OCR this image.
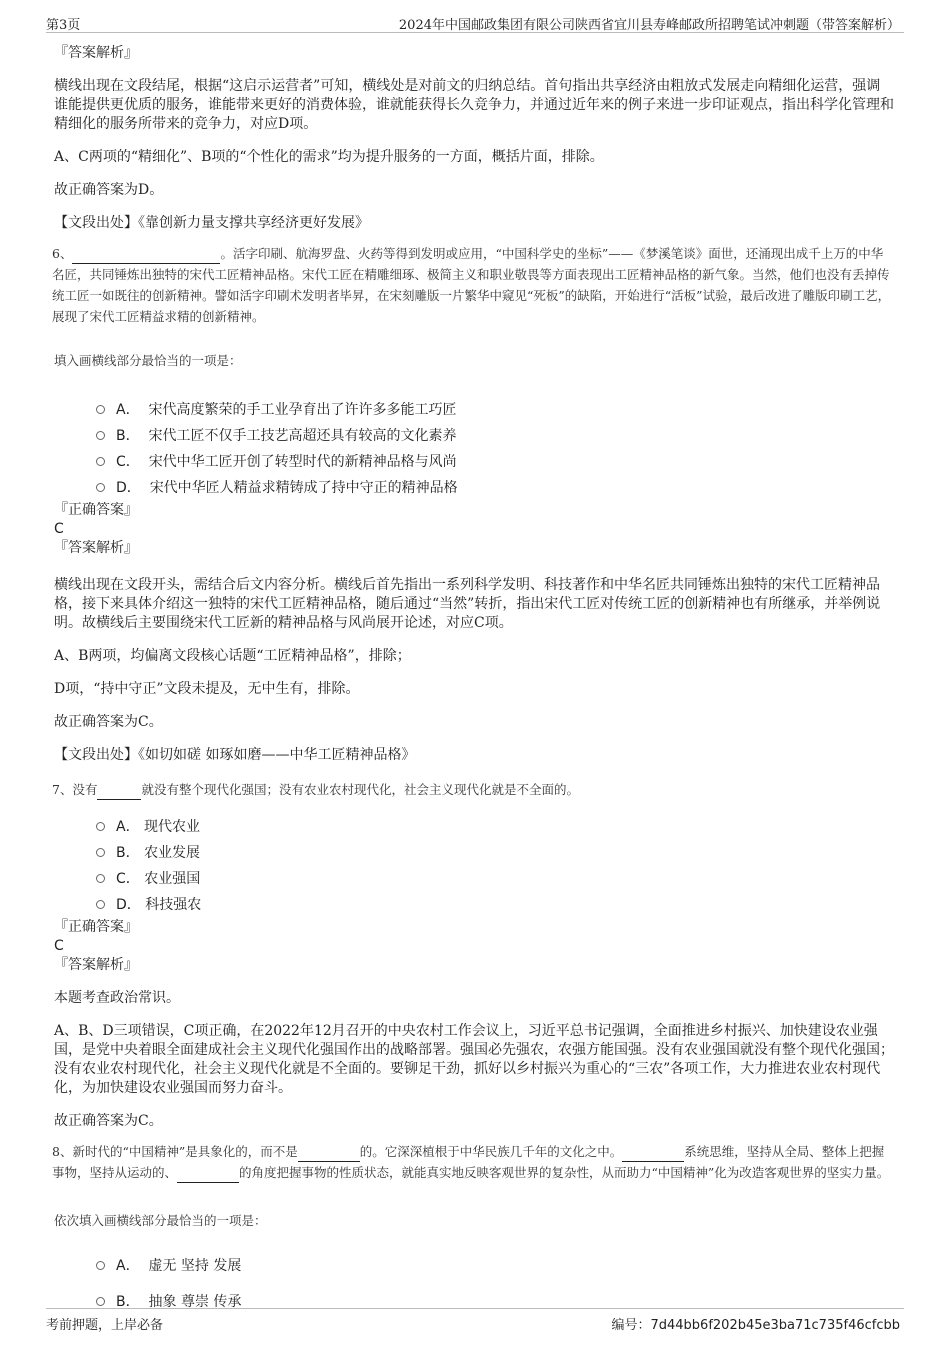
第3页	2024年中国邮政集团有限公司陕西省宜川县寿峰邮政所招聘笔试冲刺题（带答案解析）

『答案解析』

横线出现在文段结尾，根据“这启示运营者”可知，横线处是对前文的归纳总结。首句指出共享经济由粗放式发展走向精细化运营，强调谁能提供更优质的服务，谁能带来更好的消费体验，谁就能获得长久竞争力，并通过近年来的例子来进一步印证观点，指出科学化管理和精细化的服务所带来的竞争力，对应D项。

A、C两项的“精细化”、B项的“个性化的需求”均为提升服务的一方面，概括片面，排除。

故正确答案为D。

【文段出处】《靠创新力量支撑共享经济更好发展》

6、	。活字印刷、航海罗盘、火药等得到发明或应用，“中国科学史的坐标”——《梦溪笔谈》面世，还涌现出成千上万的中华名匠，共同锤炼出独特的宋代工匠精神品格。宋代工匠在精雕细琢、极简主义和职业敬畏等方面表现出工匠精神品格的新气象。当然，他们也没有丢掉传统工匠一如既往的创新精神。譬如活字印刷术发明者毕昇，在宋刻雕版一片繁华中窥见“死板”的缺陷，开始进行“活板”试验，最后改进了雕版印刷工艺，展现了宋代工匠精益求精的创新精神。

填入画横线部分最恰当的一项是：

A． 宋代高度繁荣的手工业孕育出了许许多多能工巧匠
B． 宋代工匠不仅手工技艺高超还具有较高的文化素养
C． 宋代中华工匠开创了转型时代的新精神品格与风尚
D． 宋代中华匠人精益求精铸成了持中守正的精神品格

『正确答案』

C

『答案解析』

横线出现在文段开头，需结合后文内容分析。横线后首先指出一系列科学发明、科技著作和中华名匠共同锤炼出独特的宋代工匠精神品格，接下来具体介绍这一独特的宋代工匠精神品格，随后通过“当然”转折，指出宋代工匠对传统工匠的创新精神也有所继承，并举例说明。故横线后主要围绕宋代工匠新的精神品格与风尚展开论述，对应C项。

A、B两项，均偏离文段核心话题“工匠精神品格”，排除；

D项，“持中守正”文段未提及，无中生有，排除。

故正确答案为C。

【文段出处】《如切如磋 如琢如磨——中华工匠精神品格》

7、没有	就没有整个现代化强国；没有农业农村现代化，社会主义现代化就是不全面的。

A． 现代农业
B． 农业发展
C． 农业强国
D． 科技强农

『正确答案』

C

『答案解析』

本题考查政治常识。

A、B、D三项错误，C项正确，在2022年12月召开的中央农村工作会议上，习近平总书记强调，全面推进乡村振兴、加快建设农业强国，是党中央着眼全面建成社会主义现代化强国作出的战略部署。强国必先强农，农强方能国强。没有农业强国就没有整个现代化强国；没有农业农村现代化，社会主义现代化就是不全面的。要铆足干劲，抓好以乡村振兴为重心的“三农”各项工作，大力推进农业农村现代化，为加快建设农业强国而努力奋斗。

故正确答案为C。

8、新时代的“中国精神”是具象化的，而不是	的。它深深植根于中华民族几千年的文化之中。	系统思维，坚持从全局、整体上把握事物，坚持从运动的、	的角度把握事物的性质状态，就能真实地反映客观世界的复杂性，从而助力“中国精神”化为改造客观世界的坚实力量。

依次填入画横线部分最恰当的一项是：

A． 虚无 坚持 发展
B． 抽象 尊崇 传承
考前押题，上岸必备	编号：7d44bb6f202b45e3ba71c735f46cfcbb
